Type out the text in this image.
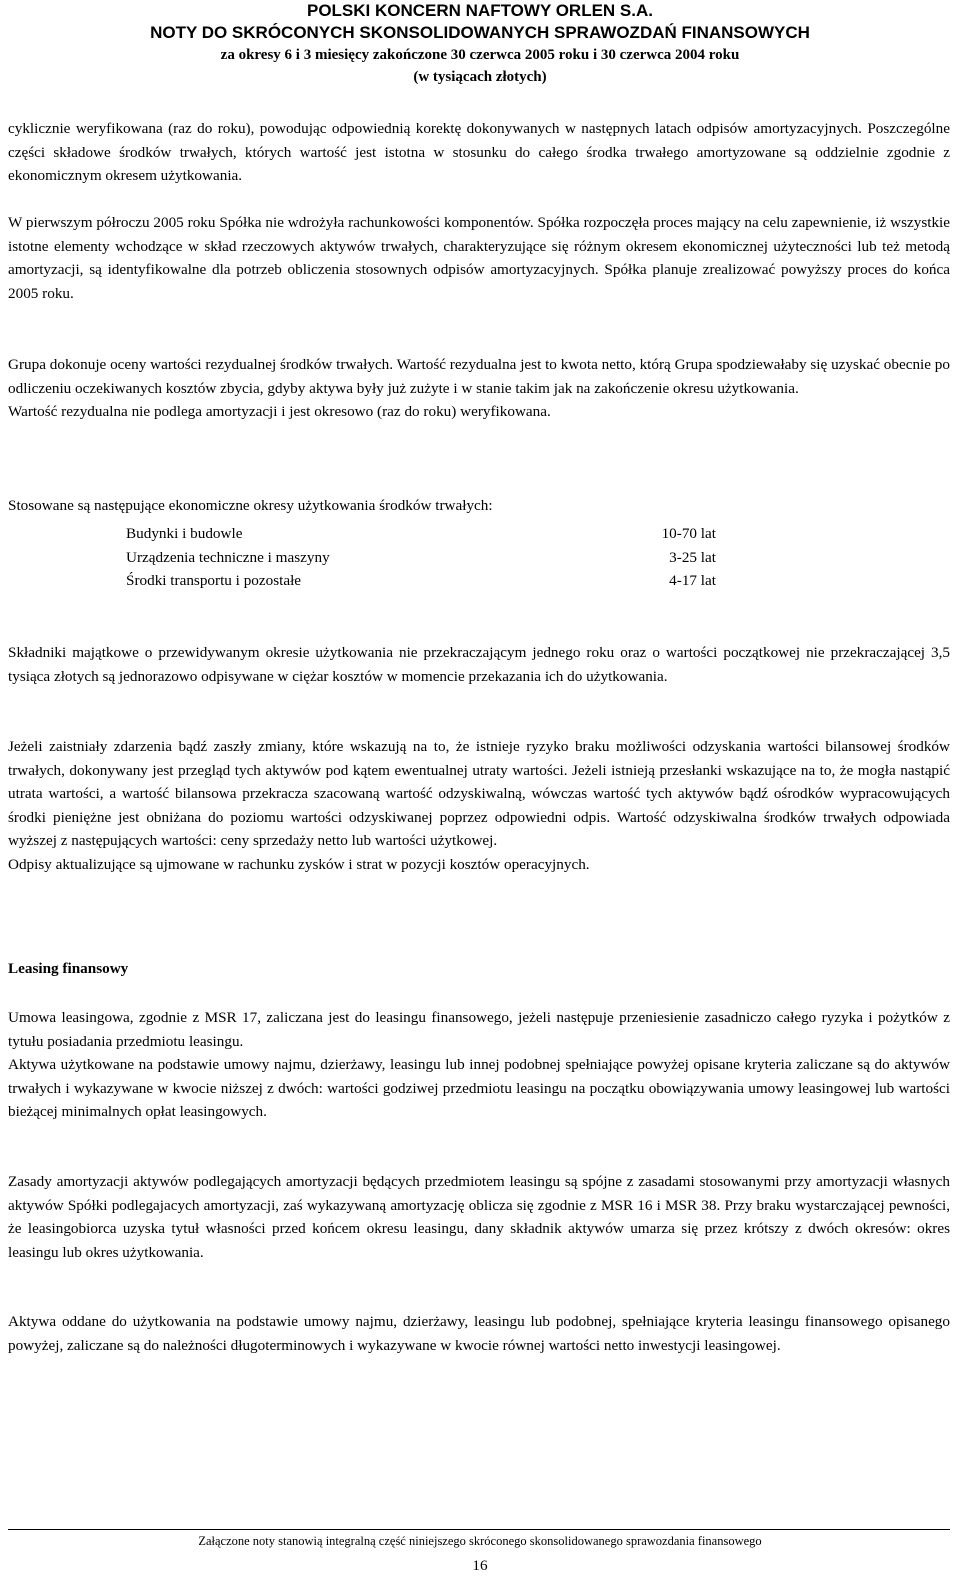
POLSKI KONCERN NAFTOWY ORLEN S.A.
NOTY DO SKRÓCONYCH SKONSOLIDOWANYCH SPRAWOZDAŃ FINANSOWYCH
za okresy 6 i 3 miesięcy zakończone 30 czerwca 2005 roku i 30 czerwca 2004 roku
(w tysiącach złotych)

cyklicznie weryfikowana (raz do roku), powodując odpowiednią korektę dokonywanych w następnych latach odpisów amortyzacyjnych. Poszczególne części składowe środków trwałych, których wartość jest istotna w stosunku do całego środka trwałego amortyzowane są oddzielnie zgodnie z ekonomicznym okresem użytkowania.

W pierwszym półroczu 2005 roku Spółka nie wdrożyła rachunkowości komponentów. Spółka rozpoczęła proces mający na celu zapewnienie, iż wszystkie istotne elementy wchodzące w skład rzeczowych aktywów trwałych, charakteryzujące się różnym okresem ekonomicznej użyteczności lub też metodą amortyzacji, są identyfikowalne dla potrzeb obliczenia stosownych odpisów amortyzacyjnych. Spółka planuje zrealizować powyższy proces do końca 2005 roku.

Grupa dokonuje oceny wartości rezydualnej środków trwałych. Wartość rezydualna jest to kwota netto, którą Grupa spodziewałaby się uzyskać obecnie po odliczeniu oczekiwanych kosztów zbycia, gdyby aktywa były już zużyte i w stanie takim jak na zakończenie okresu użytkowania.

Wartość rezydualna nie podlega amortyzacji i jest okresowo (raz do roku) weryfikowana.

Stosowane są następujące ekonomiczne okresy użytkowania środków trwałych:

Budynki i budowle	10-70 lat
Urządzenia techniczne i maszyny	3-25 lat
Środki transportu i pozostałe	4-17 lat

Składniki majątkowe o przewidywanym okresie użytkowania nie przekraczającym jednego roku oraz o wartości początkowej nie przekraczającej 3,5 tysiąca złotych są jednorazowo odpisywane w ciężar kosztów w momencie przekazania ich do użytkowania.

Jeżeli zaistniały zdarzenia bądź zaszły zmiany, które wskazują na to, że istnieje ryzyko braku możliwości odzyskania wartości bilansowej środków trwałych, dokonywany jest przegląd tych aktywów pod kątem ewentualnej utraty wartości. Jeżeli istnieją przesłanki wskazujące na to, że mogła nastąpić utrata wartości, a wartość bilansowa przekracza szacowaną wartość odzyskiwalną, wówczas wartość tych aktywów bądź ośrodków wypracowujących środki pieniężne jest obniżana do poziomu wartości odzyskiwanej poprzez odpowiedni odpis. Wartość odzyskiwalna środków trwałych odpowiada wyższej z następujących wartości: ceny sprzedaży netto lub wartości użytkowej.

Odpisy aktualizujące są ujmowane w rachunku zysków i strat w pozycji kosztów operacyjnych.

Leasing finansowy

Umowa leasingowa, zgodnie z MSR 17, zaliczana jest do leasingu finansowego, jeżeli następuje przeniesienie zasadniczo całego ryzyka i pożytków z tytułu posiadania przedmiotu leasingu.

Aktywa użytkowane na podstawie umowy najmu, dzierżawy, leasingu lub innej podobnej spełniające powyżej opisane kryteria zaliczane są do aktywów trwałych i wykazywane w kwocie niższej z dwóch: wartości godziwej przedmiotu leasingu na początku obowiązywania umowy leasingowej lub wartości bieżącej minimalnych opłat leasingowych.

Zasady amortyzacji aktywów podlegających amortyzacji będących przedmiotem leasingu są spójne z zasadami stosowanymi przy amortyzacji własnych aktywów Spółki podlegajacych amortyzacji, zaś wykazywaną amortyzację oblicza się zgodnie z MSR 16 i MSR 38. Przy braku wystarczającej pewności, że leasingobiorca uzyska tytuł własności przed końcem okresu leasingu, dany składnik aktywów umarza się przez krótszy z dwóch okresów: okres leasingu lub okres użytkowania.

Aktywa oddane do użytkowania na podstawie umowy najmu, dzierżawy, leasingu lub podobnej, spełniające kryteria leasingu finansowego opisanego powyżej, zaliczane są do należności długoterminowych i wykazywane w kwocie równej wartości netto inwestycji leasingowej.

Załączone noty stanowią integralną część niniejszego skróconego skonsolidowanego sprawozdania finansowego
16
